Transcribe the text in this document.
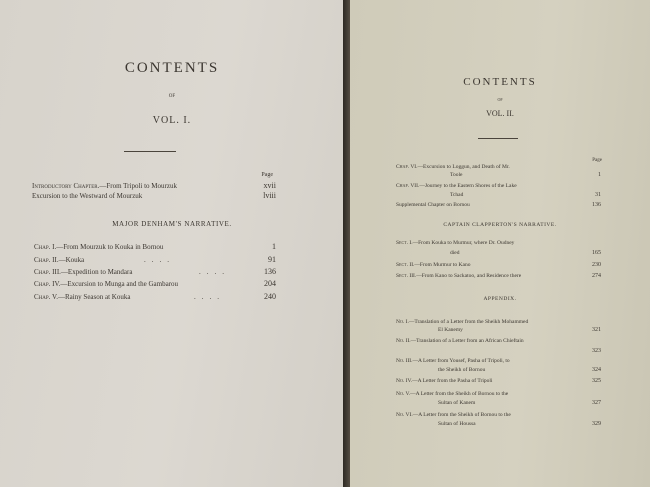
CONTENTS
OF
VOL. I.
Page
Introductory Chapter.—From Tripoli to Mourzuk	xvii
Excursion to the Westward of Mourzuk	lviii
MAJOR DENHAM'S NARRATIVE.
Chap. I.—From Mourzuk to Kouka in Bornou	1
Chap. II.—Kouka	....	91
Chap. III.—Expedition to Mandara	....	136
Chap. IV.—Excursion to Munga and the Gambarou	204
Chap. V.—Rainy Season at Kouka	....	240
CONTENTS
OF
VOL. II.
Page
Chap. VI.—Excursion to Loggun, and Death of Mr.
Toole	1
Chap. VII.—Journey to the Eastern Shores of the Lake
Tchad	31
Supplemental Chapter on Bornou	136
CAPTAIN CLAPPERTON'S NARRATIVE.
Sect. I.—From Kouka to Murmur, where Dr. Oudney
died	165
Sect. II.—From Murmur to Kano	230
Sect. III.—From Kano to Sackatoo, and Residence there	274
APPENDIX.
No. I.—Translation of a Letter from the Sheikh Mohammed
El Kanemy	321
No. II.—Translation of a Letter from an African Chieftain
323
No. III.—A Letter from Yousef, Pasha of Tripoli, to
the Sheikh of Bornou	324
No. IV.—A Letter from the Pasha of Tripoli	325
No. V.—A Letter from the Sheikh of Bornou to the
Sultan of Kanem	327
No. VI.—A Letter from the Sheikh of Bornou to the
Sultan of Houssa	329
